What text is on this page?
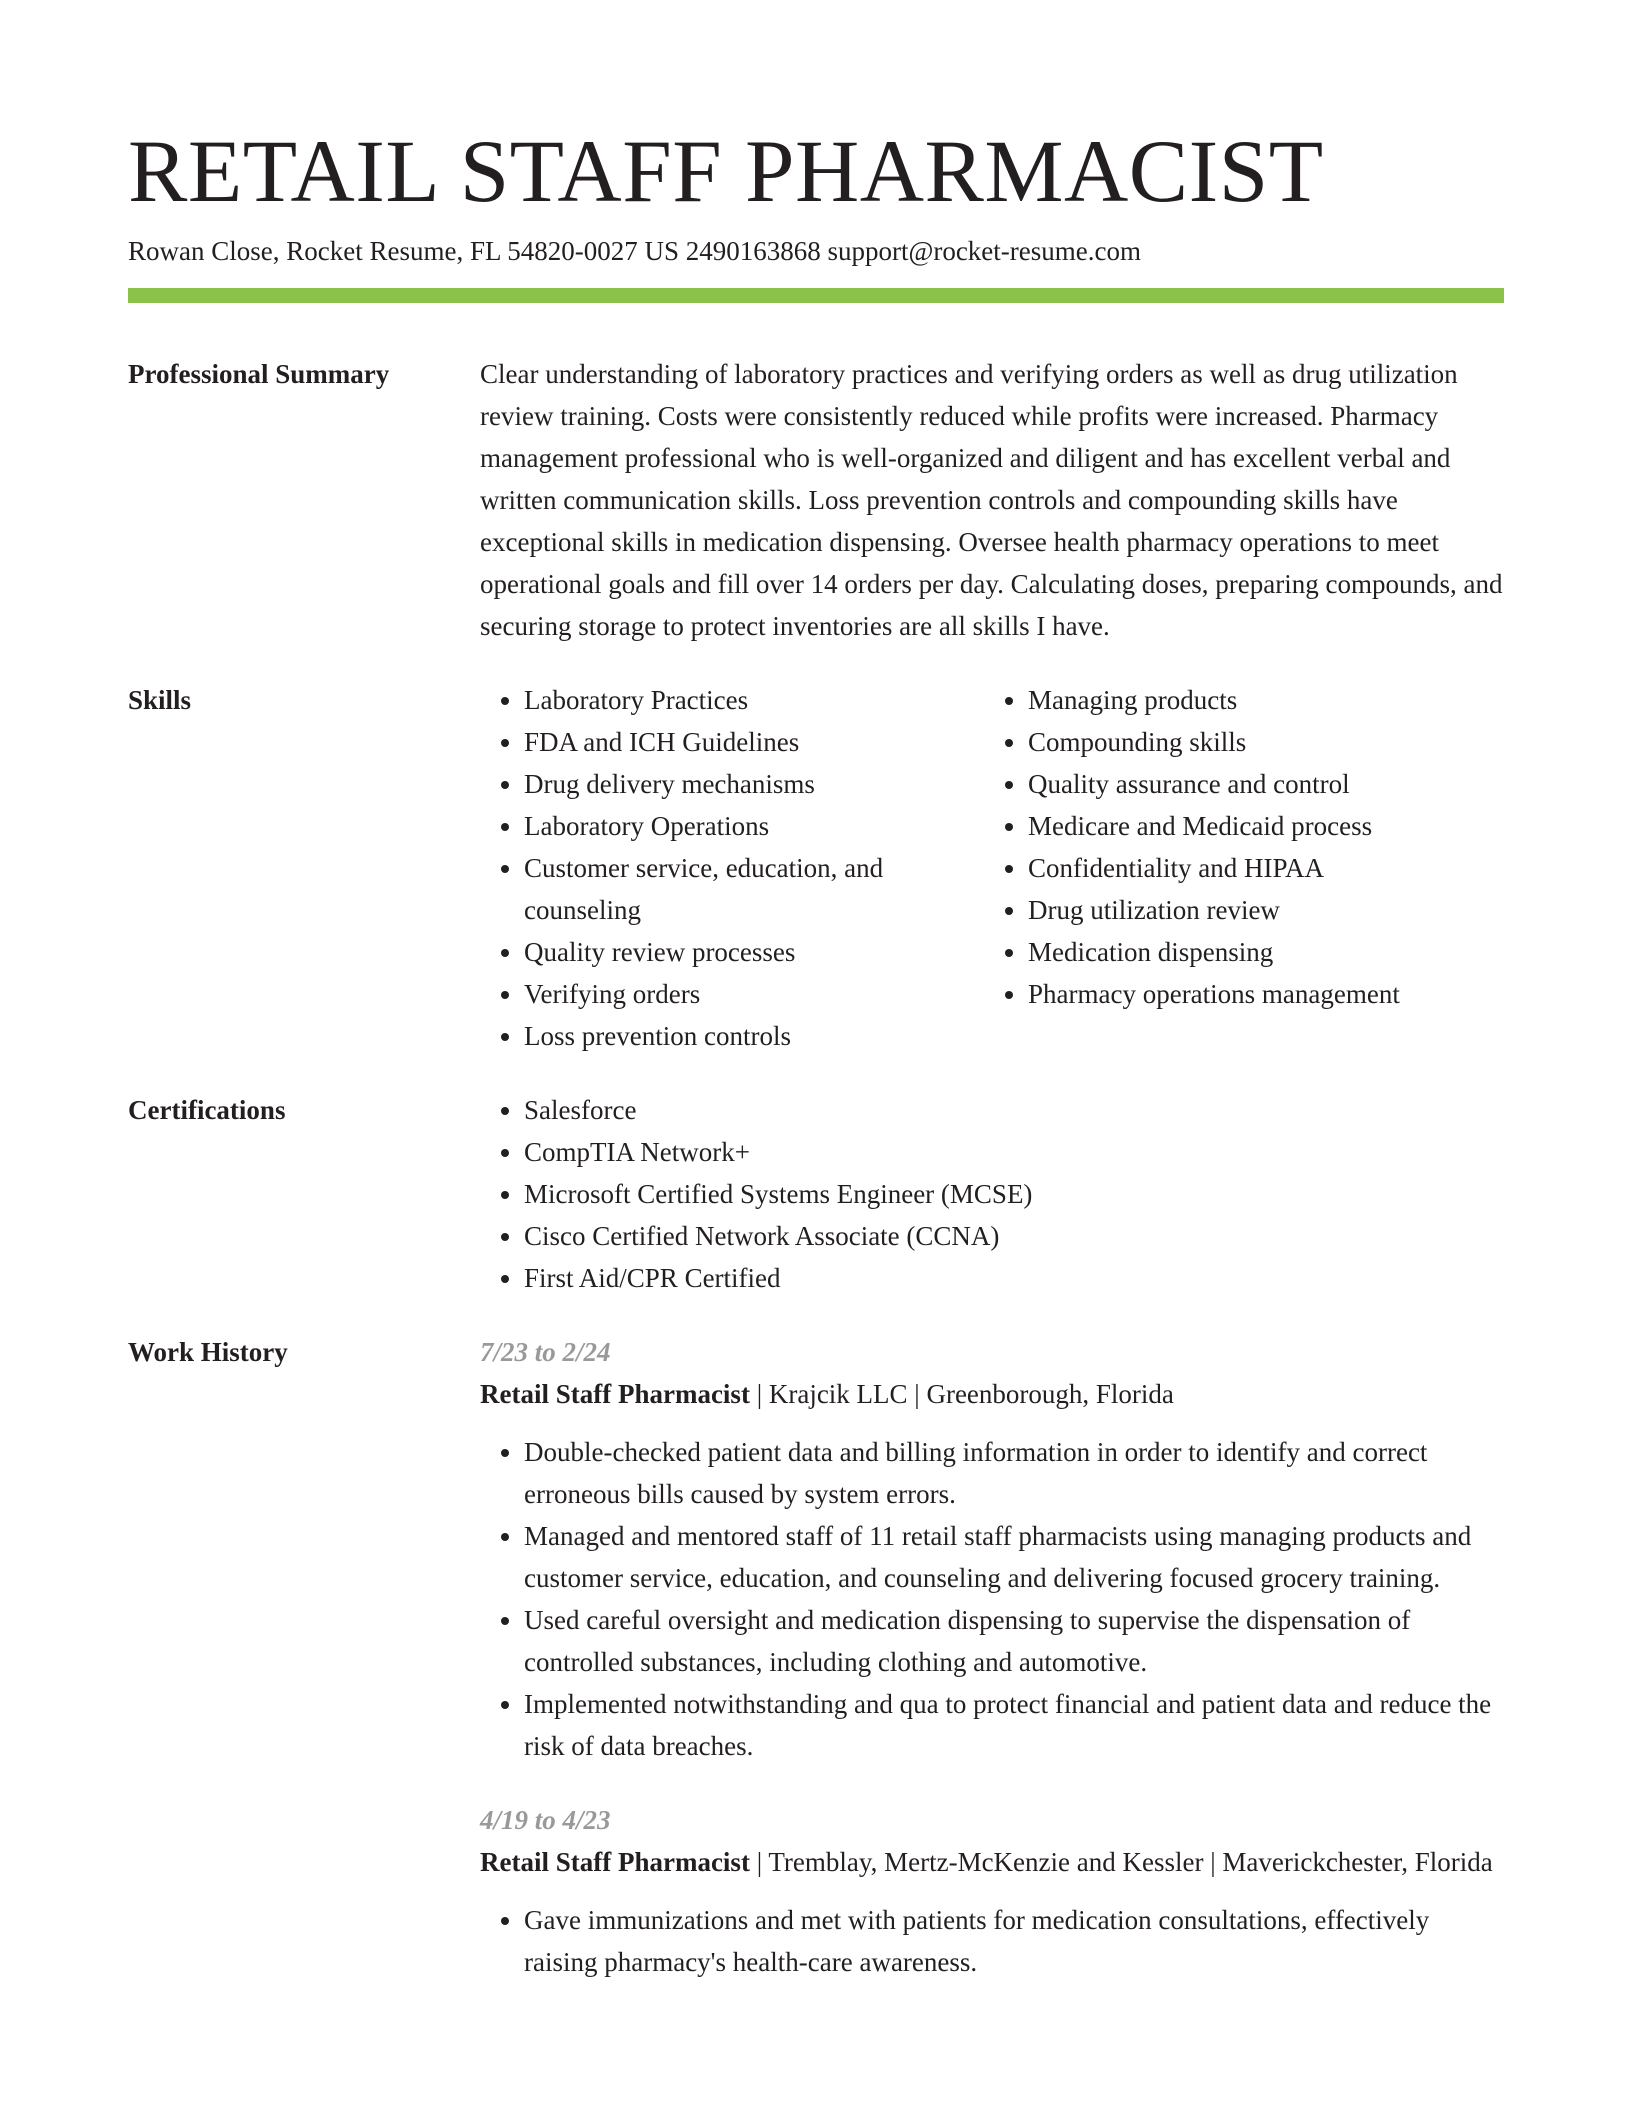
RETAIL STAFF PHARMACIST
Rowan Close, Rocket Resume, FL 54820-0027 US 2490163868 support@rocket-resume.com
Professional Summary	Clear understanding of laboratory practices and verifying orders as well as drug utilization review training. Costs were consistently reduced while profits were increased. Pharmacy management professional who is well-organized and diligent and has excellent verbal and written communication skills. Loss prevention controls and compounding skills have exceptional skills in medication dispensing. Oversee health pharmacy operations to meet operational goals and fill over 14 orders per day. Calculating doses, preparing compounds, and securing storage to protect inventories are all skills I have.
Skills	• Laboratory Practices
• FDA and ICH Guidelines
• Drug delivery mechanisms
• Laboratory Operations
• Customer service, education, and counseling
• Quality review processes
• Verifying orders
• Loss prevention controls
• Managing products
• Compounding skills
• Quality assurance and control
• Medicare and Medicaid process
• Confidentiality and HIPAA
• Drug utilization review
• Medication dispensing
• Pharmacy operations management
Certifications	• Salesforce
• CompTIA Network+
• Microsoft Certified Systems Engineer (MCSE)
• Cisco Certified Network Associate (CCNA)
• First Aid/CPR Certified
Work History	7/23 to 2/24
Retail Staff Pharmacist | Krajcik LLC | Greenborough, Florida
• Double-checked patient data and billing information in order to identify and correct erroneous bills caused by system errors.
• Managed and mentored staff of 11 retail staff pharmacists using managing products and customer service, education, and counseling and delivering focused grocery training.
• Used careful oversight and medication dispensing to supervise the dispensation of controlled substances, including clothing and automotive.
• Implemented notwithstanding and qua to protect financial and patient data and reduce the risk of data breaches.
4/19 to 4/23
Retail Staff Pharmacist | Tremblay, Mertz-McKenzie and Kessler | Maverickchester, Florida
• Gave immunizations and met with patients for medication consultations, effectively raising pharmacy's health-care awareness.
